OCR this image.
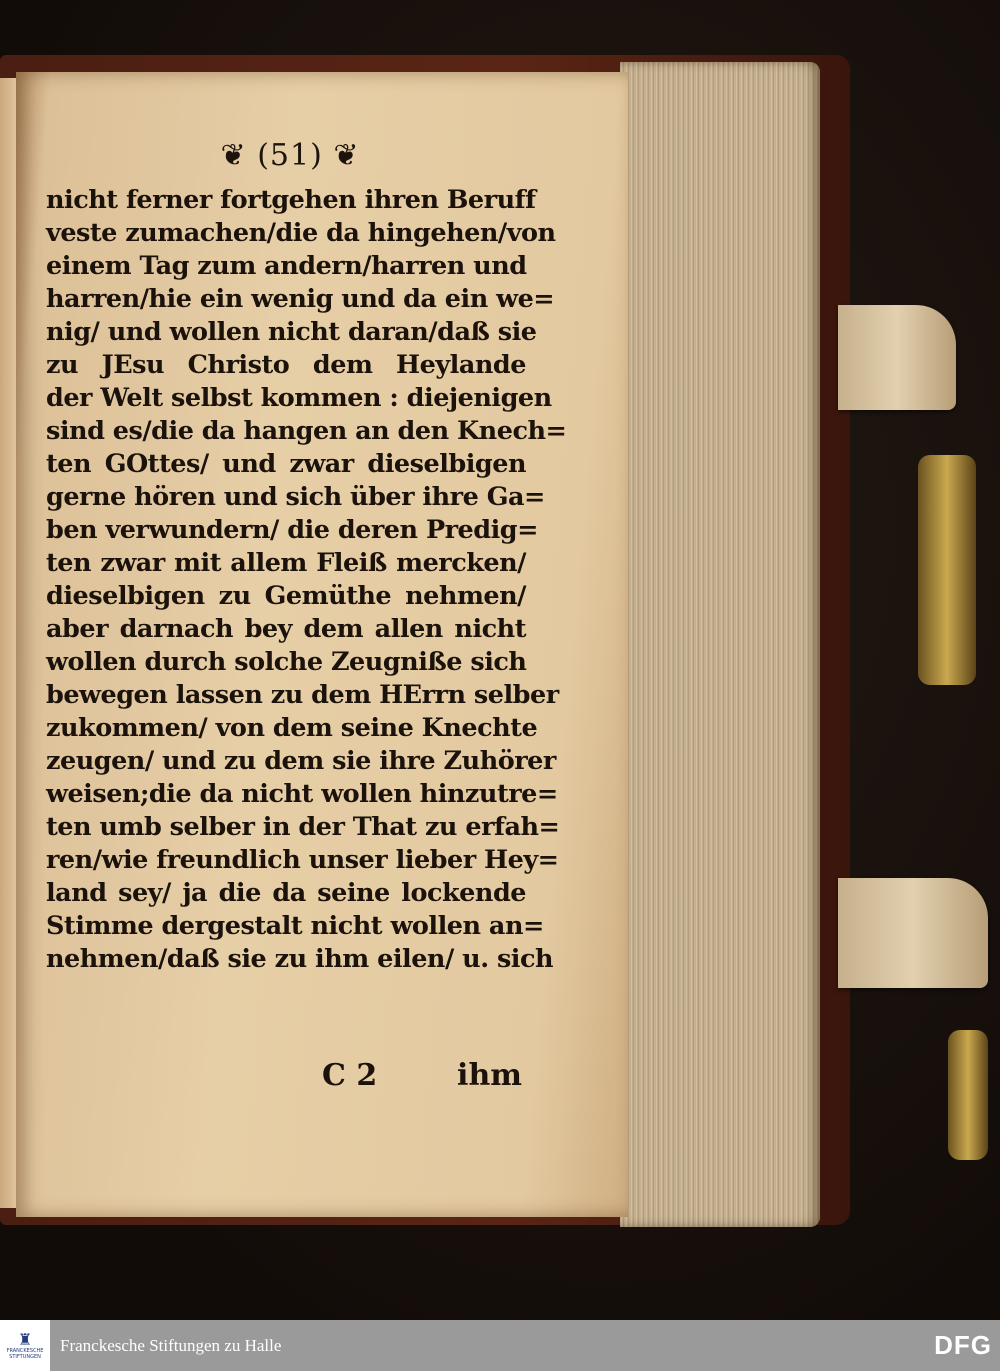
❦ (51) ❦
nicht ferner fortgehen ihren Beruff
veste zumachen/die da hingehen/von
einem Tag zum andern/harren und
harren/hie ein wenig und da ein we=
nig/ und wollen nicht daran/daß sie
zu JEsu Christo dem Heylande
der Welt selbst kommen : diejenigen
sind es/die da hangen an den Knech=
ten GOttes/ und zwar dieselbigen
gerne hören und sich über ihre Ga=
ben verwundern/ die deren Predig=
ten zwar mit allem Fleiß mercken/
dieselbigen zu Gemüthe nehmen/
aber darnach bey dem allen nicht
wollen durch solche Zeugniße sich
bewegen lassen zu dem HErrn selber
zukommen/ von dem seine Knechte
zeugen/ und zu dem sie ihre Zuhörer
weisen;die da nicht wollen hinzutre=
ten umb selber in der That zu erfah=
ren/wie freundlich unser lieber Hey=
land sey/ ja die da seine lockende
Stimme dergestalt nicht wollen an=
nehmen/daß sie zu ihm eilen/ u. sich
C 2	ihm
♜
FRANCKESCHE STIFTUNGEN
Franckesche Stiftungen zu Halle	DFG
